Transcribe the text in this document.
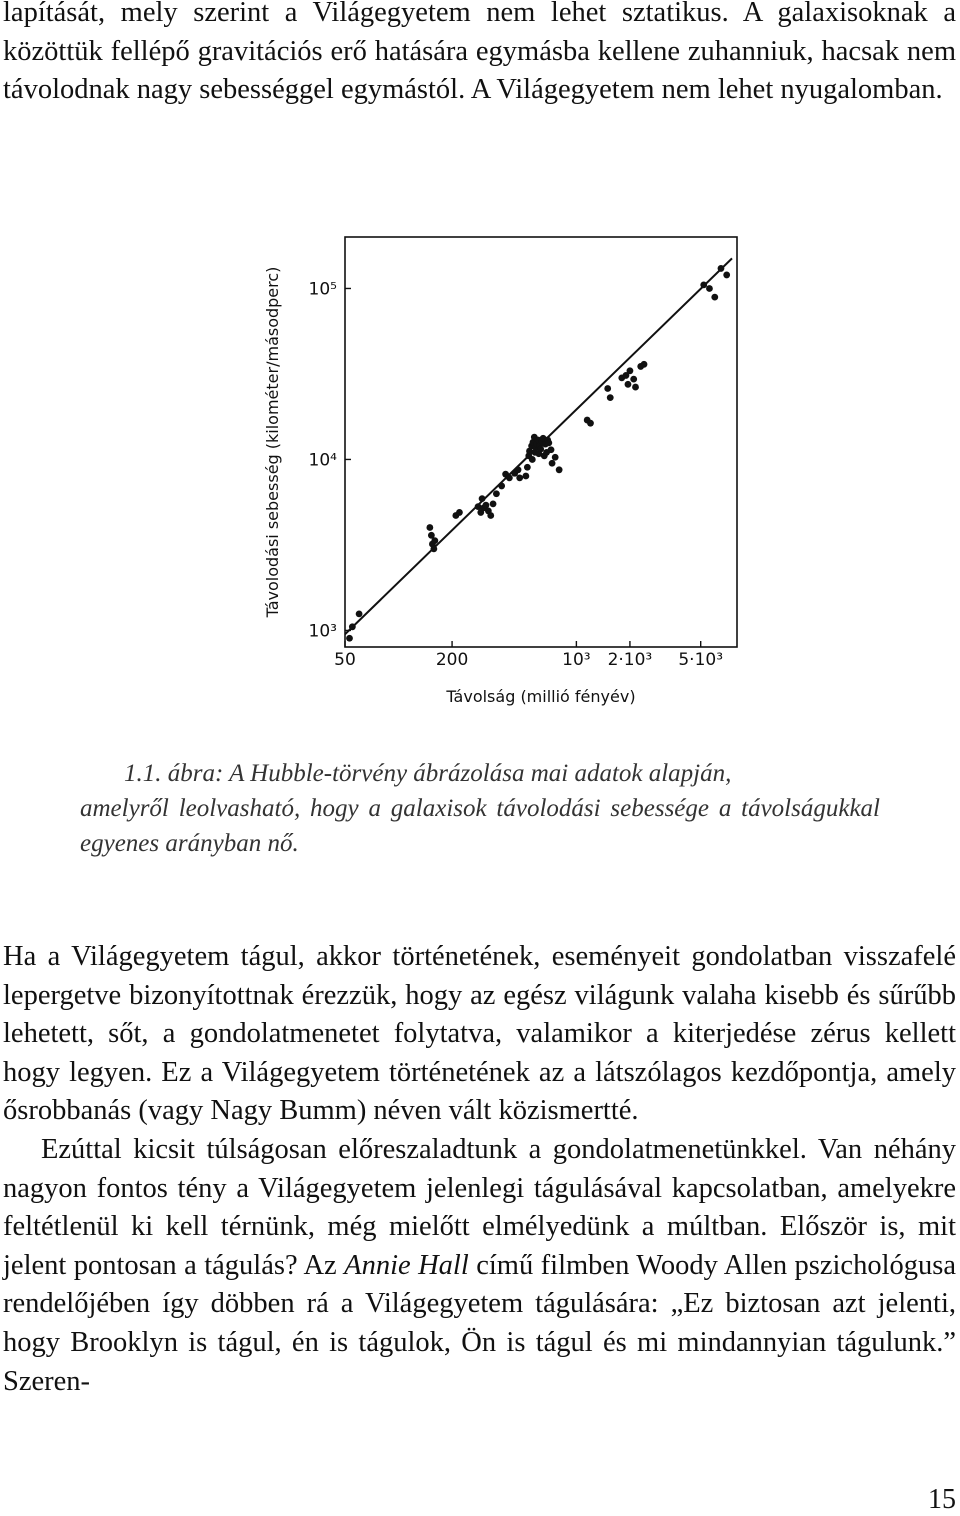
lapítását, mely szerint a Világegyetem nem lehet sztatikus. A galaxisoknak a közöttük fellépő gravitációs erő hatására egymásba kellene zuhanniuk, hacsak nem távolodnak nagy sebességgel egymástól. A Világegyetem nem lehet nyugalomban.

50	200	10³ 2·10³ 5·10³
10³
10⁴
10⁵
Távolság (millió fényév)
Távolodási sebesség (kilométer/másodperc)
1.1. ábra: A Hubble-törvény ábrázolása mai adatok alapján,
amelyről leolvasható, hogy a galaxisok távolodási sebessége a távolságukkal egyenes arányban nő.

Ha a Világegyetem tágul, akkor történetének, eseményeit gondolatban visszafelé lepergetve bizonyítottnak érezzük, hogy az egész világunk valaha kisebb és sűrűbb lehetett, sőt, a gondolatmenetet folytatva, valamikor a kiterjedése zérus kellett hogy legyen. Ez a Világegyetem történetének az a látszólagos kezdőpontja, amely ősrobbanás (vagy Nagy Bumm) néven vált közismertté.

Ezúttal kicsit túlságosan előreszaladtunk a gondolatmenetünkkel. Van néhány nagyon fontos tény a Világegyetem jelenlegi tágulásával kapcsolatban, amelyekre feltétlenül ki kell térnünk, még mielőtt elmélyedünk a múltban. Először is, mit jelent pontosan a tágulás? Az Annie Hall című filmben Woody Allen pszichológusa rendelőjében így döbben rá a Világegyetem tágulására: „Ez biztosan azt jelenti, hogy Brooklyn is tágul, én is tágulok, Ön is tágul és mi mindannyian tágulunk.” Szeren-

15
